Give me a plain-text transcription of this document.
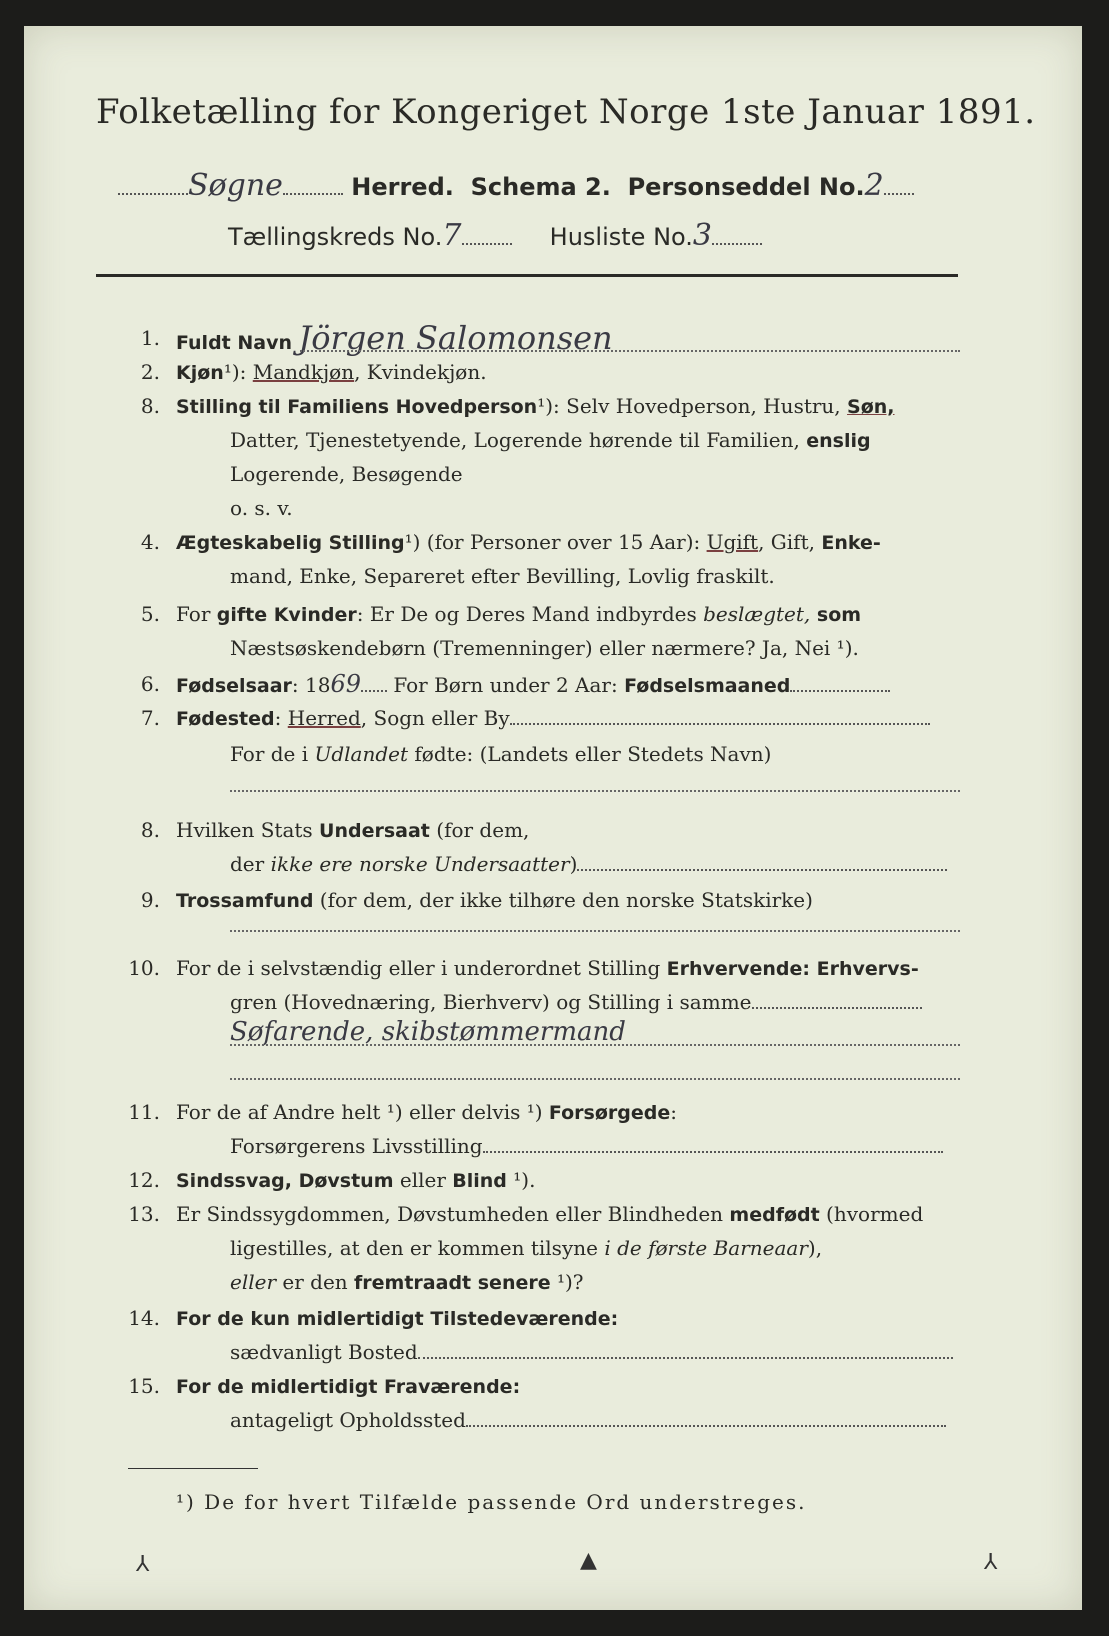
Folketælling for Kongeriget Norge 1ste Januar 1891.
Søgne	Herred. Schema 2. Personseddel No.2
Tællingskreds No.7	Husliste No.3
1. Fuldt Navn Jörgen Salomonsen
2. Kjøn¹): Mandkjøn, Kvindekjøn.
8. Stilling til Familiens Hovedperson¹): Selv Hovedperson, Hustru, Søn,
Datter, Tjenestetyende, Logerende hørende til Familien, enslig
Logerende, Besøgende
o. s. v.
4. Ægteskabelig Stilling¹) (for Personer over 15 Aar): Ugift, Gift, Enke-
mand, Enke, Separeret efter Bevilling, Lovlig fraskilt.
5. For gifte Kvinder: Er De og Deres Mand indbyrdes beslægtet, som
Næstsøskendebørn (Tremenninger) eller nærmere? Ja, Nei ¹).
6. Fødselsaar: 1869 For Børn under 2 Aar: Fødselsmaaned
7. Fødested: Herred, Sogn eller By
For de i Udlandet fødte: (Landets eller Stedets Navn)
8. Hvilken Stats Undersaat (for dem,
der ikke ere norske Undersaatter)
9. Trossamfund (for dem, der ikke tilhøre den norske Statskirke)
10. For de i selvstændig eller i underordnet Stilling Erhvervende: Erhvervs-
gren (Hovednæring, Bierhverv) og Stilling i samme
Søfarende, skibstømmermand
11. For de af Andre helt ¹) eller delvis ¹) Forsørgede:
Forsørgerens Livsstilling
12. Sindssvag, Døvstum eller Blind ¹).
13. Er Sindssygdommen, Døvstumheden eller Blindheden medfødt (hvormed
ligestilles, at den er kommen tilsyne i de første Barneaar),
eller er den fremtraadt senere ¹)?
14. For de kun midlertidigt Tilstedeværende:
sædvanligt Bosted
15. For de midlertidigt Fraværende:
antageligt Opholdssted
¹) De for hvert Tilfælde passende Ord understreges.
⅄	▲	⅄
